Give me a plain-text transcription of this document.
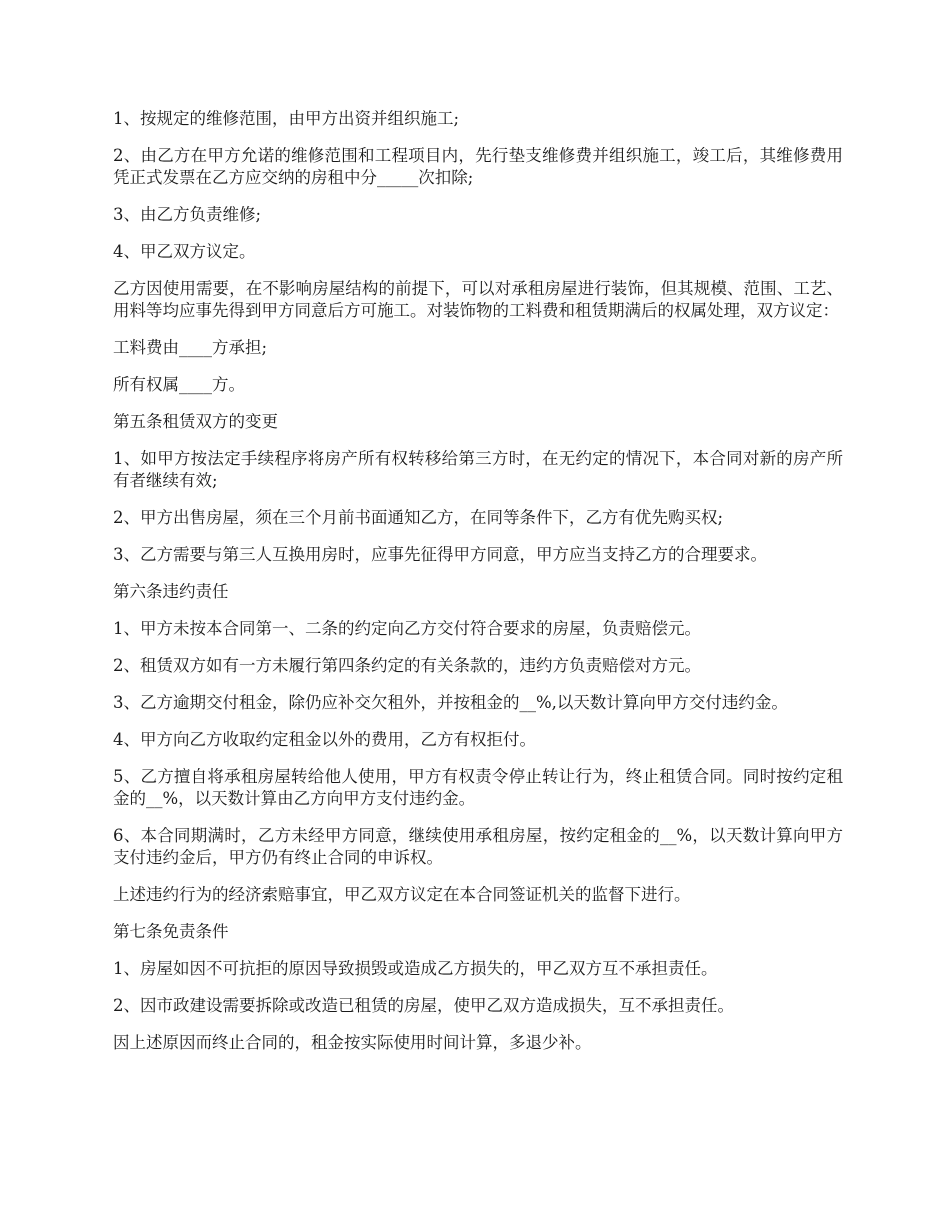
1、按规定的维修范围，由甲方出资并组织施工;

2、由乙方在甲方允诺的维修范围和工程项目内，先行垫支维修费并组织施工，竣工后，其维修费用凭正式发票在乙方应交纳的房租中分_____次扣除;

3、由乙方负责维修;

4、甲乙双方议定。

乙方因使用需要，在不影响房屋结构的前提下，可以对承租房屋进行装饰，但其规模、范围、工艺、用料等均应事先得到甲方同意后方可施工。对装饰物的工料费和租赁期满后的权属处理，双方议定：

工料费由____方承担;

所有权属____方。

第五条租赁双方的变更

1、如甲方按法定手续程序将房产所有权转移给第三方时，在无约定的情况下，本合同对新的房产所有者继续有效;

2、甲方出售房屋，须在三个月前书面通知乙方，在同等条件下，乙方有优先购买权;

3、乙方需要与第三人互换用房时，应事先征得甲方同意，甲方应当支持乙方的合理要求。

第六条违约责任

1、甲方未按本合同第一、二条的约定向乙方交付符合要求的房屋，负责赔偿元。

2、租赁双方如有一方未履行第四条约定的有关条款的，违约方负责赔偿对方元。

3、乙方逾期交付租金，除仍应补交欠租外，并按租金的__%,以天数计算向甲方交付违约金。

4、甲方向乙方收取约定租金以外的费用，乙方有权拒付。

5、乙方擅自将承租房屋转给他人使用，甲方有权责令停止转让行为，终止租赁合同。同时按约定租金的__%，以天数计算由乙方向甲方支付违约金。

6、本合同期满时，乙方未经甲方同意，继续使用承租房屋，按约定租金的__%，以天数计算向甲方支付违约金后，甲方仍有终止合同的申诉权。

上述违约行为的经济索赔事宜，甲乙双方议定在本合同签证机关的监督下进行。

第七条免责条件

1、房屋如因不可抗拒的原因导致损毁或造成乙方损失的，甲乙双方互不承担责任。

2、因市政建设需要拆除或改造已租赁的房屋，使甲乙双方造成损失，互不承担责任。

因上述原因而终止合同的，租金按实际使用时间计算，多退少补。
